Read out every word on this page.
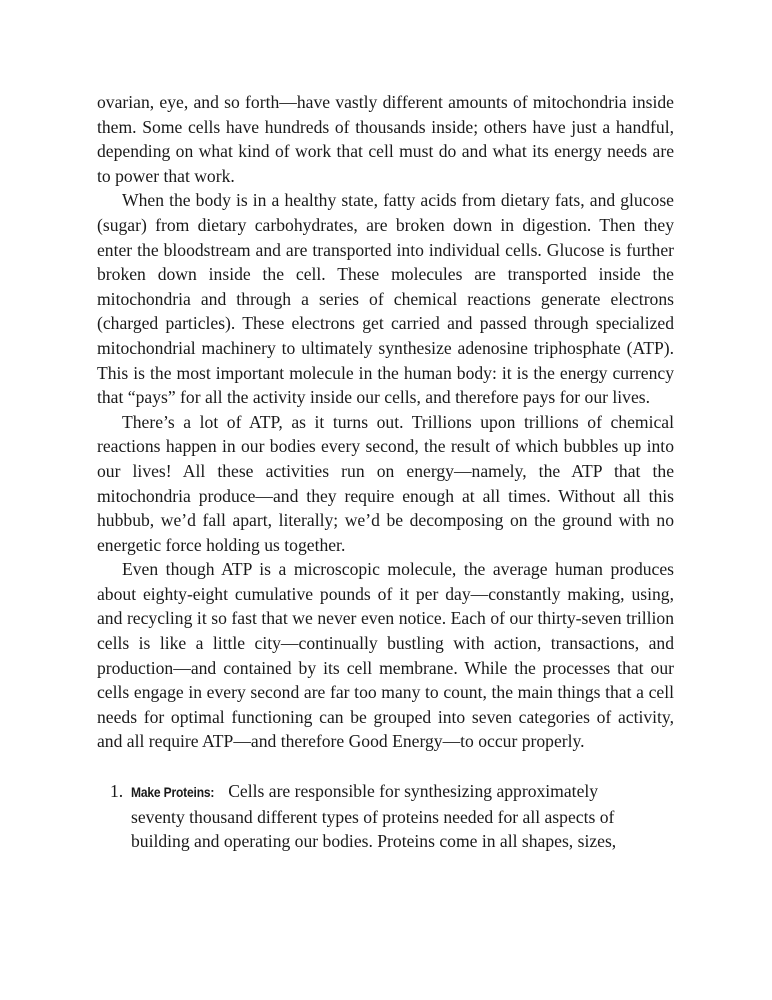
ovarian, eye, and so forth—have vastly different amounts of mitochondria inside them. Some cells have hundreds of thousands inside; others have just a handful, depending on what kind of work that cell must do and what its energy needs are to power that work.

When the body is in a healthy state, fatty acids from dietary fats, and glucose (sugar) from dietary carbohydrates, are broken down in digestion. Then they enter the bloodstream and are transported into individual cells. Glucose is further broken down inside the cell. These molecules are transported inside the mitochondria and through a series of chemical reactions generate electrons (charged particles). These electrons get carried and passed through specialized mitochondrial machinery to ultimately synthesize adenosine triphosphate (ATP). This is the most important molecule in the human body: it is the energy currency that “pays” for all the activity inside our cells, and therefore pays for our lives.

There’s a lot of ATP, as it turns out. Trillions upon trillions of chemical reactions happen in our bodies every second, the result of which bubbles up into our lives! All these activities run on energy—namely, the ATP that the mitochondria produce—and they require enough at all times. Without all this hubbub, we’d fall apart, literally; we’d be decomposing on the ground with no energetic force holding us together.

Even though ATP is a microscopic molecule, the average human produces about eighty-eight cumulative pounds of it per day—constantly making, using, and recycling it so fast that we never even notice. Each of our thirty-seven trillion cells is like a little city—continually bustling with action, transactions, and production—and contained by its cell membrane. While the processes that our cells engage in every second are far too many to count, the main things that a cell needs for optimal functioning can be grouped into seven categories of activity, and all require ATP—and therefore Good Energy—to occur properly.

1. Make Proteins: Cells are responsible for synthesizing approximately seventy thousand different types of proteins needed for all aspects of building and operating our bodies. Proteins come in all shapes, sizes,
